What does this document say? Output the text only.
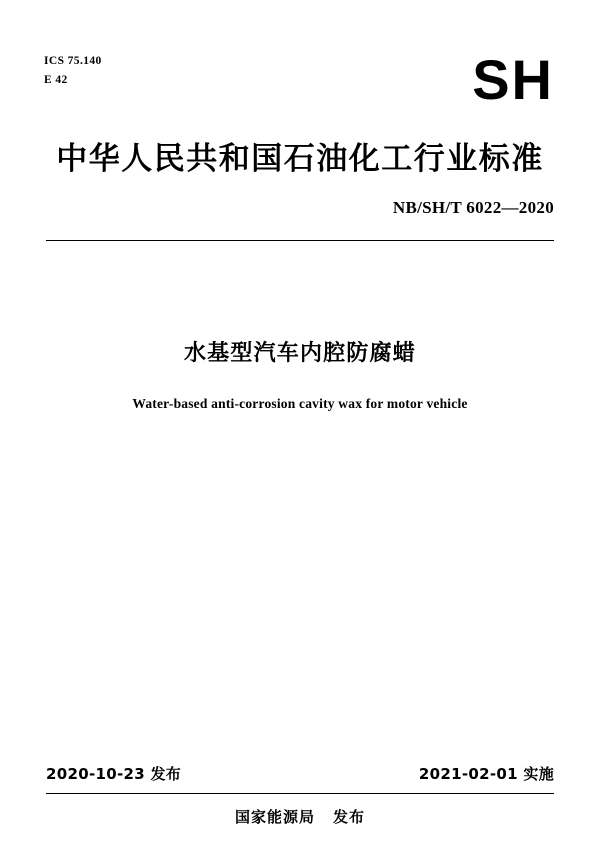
ICS 75.140
E 42	SH
中华人民共和国石油化工行业标准
NB/SH/T 6022—2020
水基型汽车内腔防腐蜡
Water-based anti-corrosion cavity wax for motor vehicle
2020-10-23 发布	2021-02-01 实施
国家能源局 发布
